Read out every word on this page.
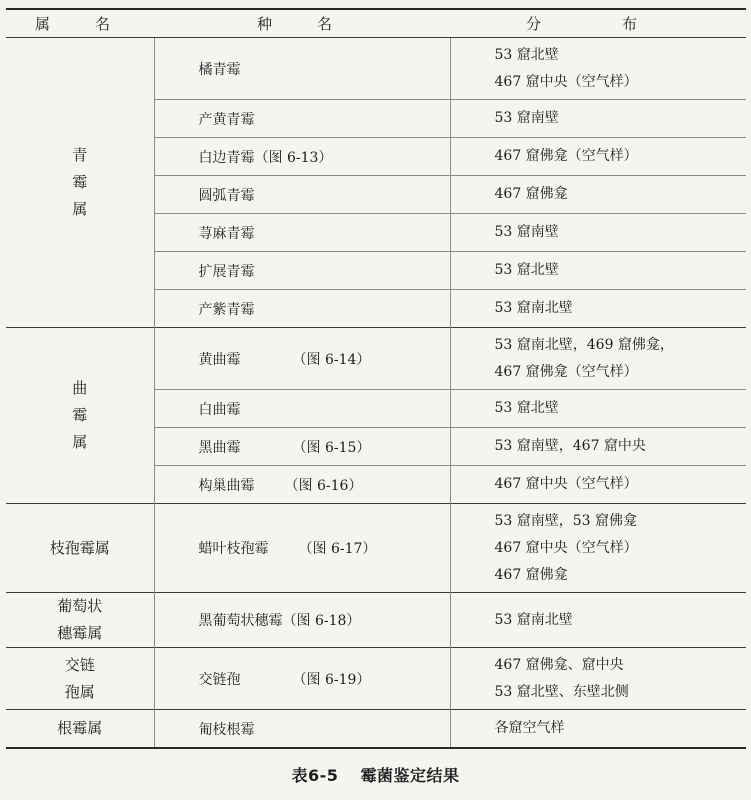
属　名	种　名	分　布

青
霉
属	橘青霉	53 窟北壁
467 窟中央（空气样）

	产黄青霉	53 窟南壁

	白边青霉（图 6-13）	467 窟佛龛（空气样）

	圆弧青霉	467 窟佛龛

	荨麻青霉	53 窟南壁

	扩展青霉	53 窟北壁

	产紫青霉	53 窟南北壁

曲
霉
属	黄曲霉 （图 6-14）	53 窟南北壁，469 窟佛龛，
467 窟佛龛（空气样）

	白曲霉	53 窟北壁

	黑曲霉 （图 6-15）	53 窟南壁，467 窟中央

	构巢曲霉 （图 6-16）	467 窟中央（空气样）

枝孢霉属	蜡叶枝孢霉 （图 6-17）	53 窟南壁，53 窟佛龛
467 窟中央（空气样）
467 窟佛龛

葡萄状
穗霉属	黑葡萄状穗霉（图 6-18）	53 窟南北壁

交链
孢属	交链孢 （图 6-19）	467 窟佛龛、窟中央
53 窟北壁、东壁北侧

根霉属	匍枝根霉	各窟空气样
表6-5 霉菌鉴定结果
